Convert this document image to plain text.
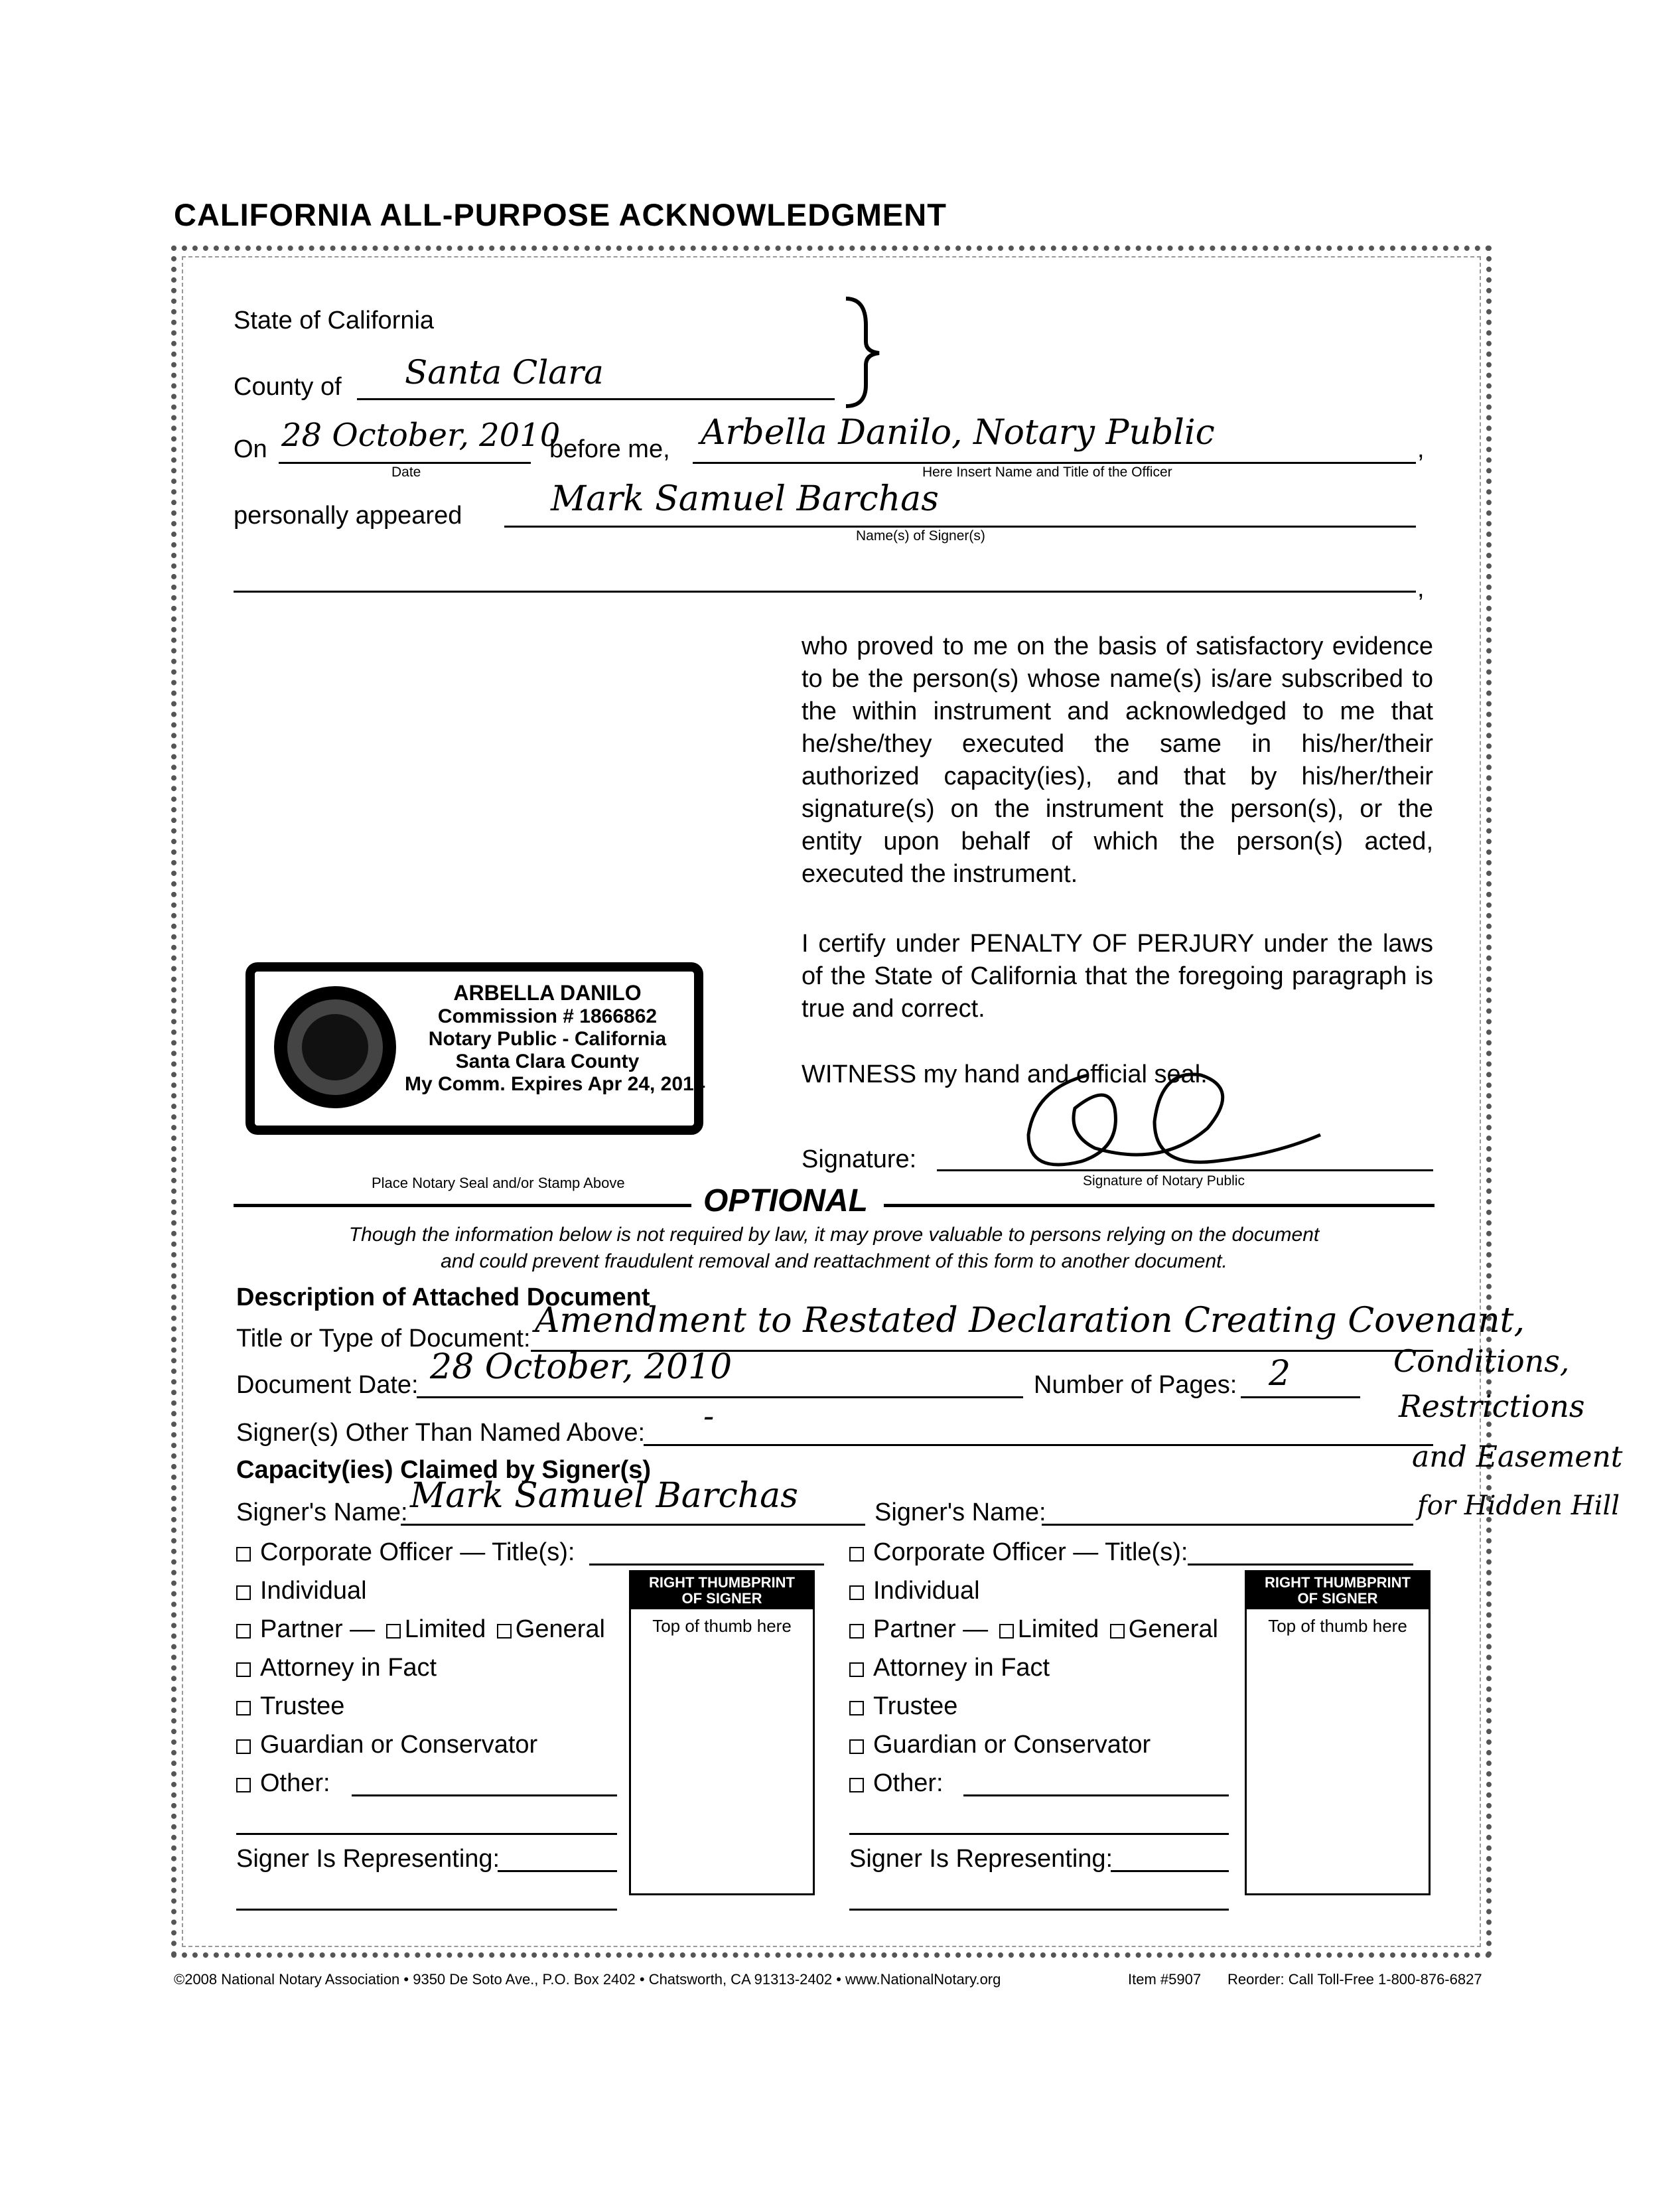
CALIFORNIA ALL-PURPOSE ACKNOWLEDGMENT
State of California
County of Santa Clara
On 28 October, 2010
Date
before me, Arbella Danilo, Notary Public
Here Insert Name and Title of the Officer
,
personally appeared	Mark Samuel Barchas
Name(s) of Signer(s)
,
who proved to me on the basis of satisfactory evidence to be the person(s) whose name(s) is/are subscribed to the within instrument and acknowledged to me that he/she/they executed the same in his/her/their authorized capacity(ies), and that by his/her/their signature(s) on the instrument the person(s), or the entity upon behalf of which the person(s) acted, executed the instrument.
I certify under PENALTY OF PERJURY under the laws of the State of California that the foregoing paragraph is true and correct.
WITNESS my hand and official seal.
Signature:
Signature of Notary Public
ARBELLA DANILO
Commission # 1866862
Notary Public - California
Santa Clara County
My Comm. Expires Apr 24, 2014
Place Notary Seal and/or Stamp Above
OPTIONAL
Though the information below is not required by law, it may prove valuable to persons relying on the document
and could prevent fraudulent removal and reattachment of this form to another document.
Description of Attached Document
Title or Type of Document: Amendment to Restated Declaration Creating Covenant,
Conditions,
Restrictions
and Easement
for Hidden Hill
Document Date: 28 October, 2010	Number of Pages: 2
Signer(s) Other Than Named Above: -
Capacity(ies) Claimed by Signer(s)
Signer's Name: Mark Samuel Barchas	Signer's Name:
Corporate Officer — Title(s):
Individual
Partner — Limited General
Attorney in Fact
Trustee
Guardian or Conservator
Other:
Signer Is Representing:
RIGHT THUMBPRINT
OF SIGNER
Top of thumb here
Corporate Officer — Title(s):
Individual
Partner — Limited General
Attorney in Fact
Trustee
Guardian or Conservator
Other:
Signer Is Representing:
RIGHT THUMBPRINT
OF SIGNER
Top of thumb here
©2008 National Notary Association • 9350 De Soto Ave., P.O. Box 2402 • Chatsworth, CA 91313-2402 • www.NationalNotary.org	Item #5907 Reorder: Call Toll-Free 1-800-876-6827
